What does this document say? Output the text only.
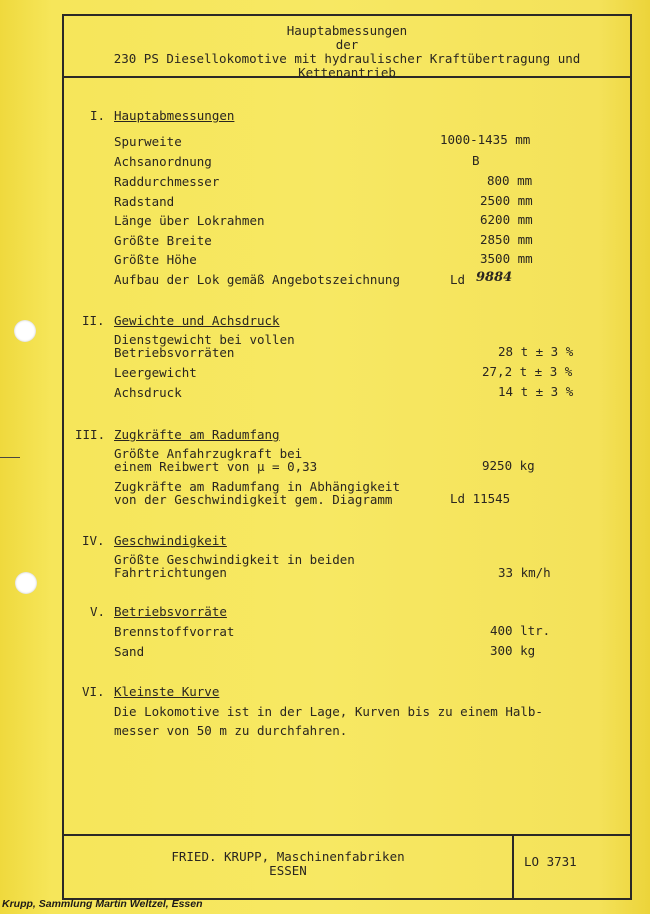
Hauptabmessungen
der
230 PS Diesellokomotive mit hydraulischer Kraftübertragung und
Kettenantrieb
FRIED. KRUPP, Maschinenfabriken
ESSEN
LO 3731
I. Hauptabmessungen
Spurweite	1000-1435 mm
Achsanordnung	B
Raddurchmesser	800 mm
Radstand	2500 mm
Länge über Lokrahmen	6200 mm
Größte Breite	2850 mm
Größte Höhe	3500 mm
Aufbau der Lok gemäß Angebotszeichnung	Ld 9884
II. Gewichte und Achsdruck
Dienstgewicht bei vollen
Betriebsvorräten	28 t ± 3 %
Leergewicht	27,2 t ± 3 %
Achsdruck	14 t ± 3 %
III. Zugkräfte am Radumfang
Größte Anfahrzugkraft bei
einem Reibwert von μ = 0,33	9250 kg
Zugkräfte am Radumfang in Abhängigkeit
von der Geschwindigkeit gem. Diagramm	Ld 11545
IV. Geschwindigkeit
Größte Geschwindigkeit in beiden
Fahrtrichtungen	33 km/h
V. Betriebsvorräte
Brennstoffvorrat	400 ltr.
Sand	300 kg
VI. Kleinste Kurve
Die Lokomotive ist in der Lage, Kurven bis zu einem Halb-
messer von 50 m zu durchfahren.
Krupp, Sammlung Martin Weltzel, Essen
